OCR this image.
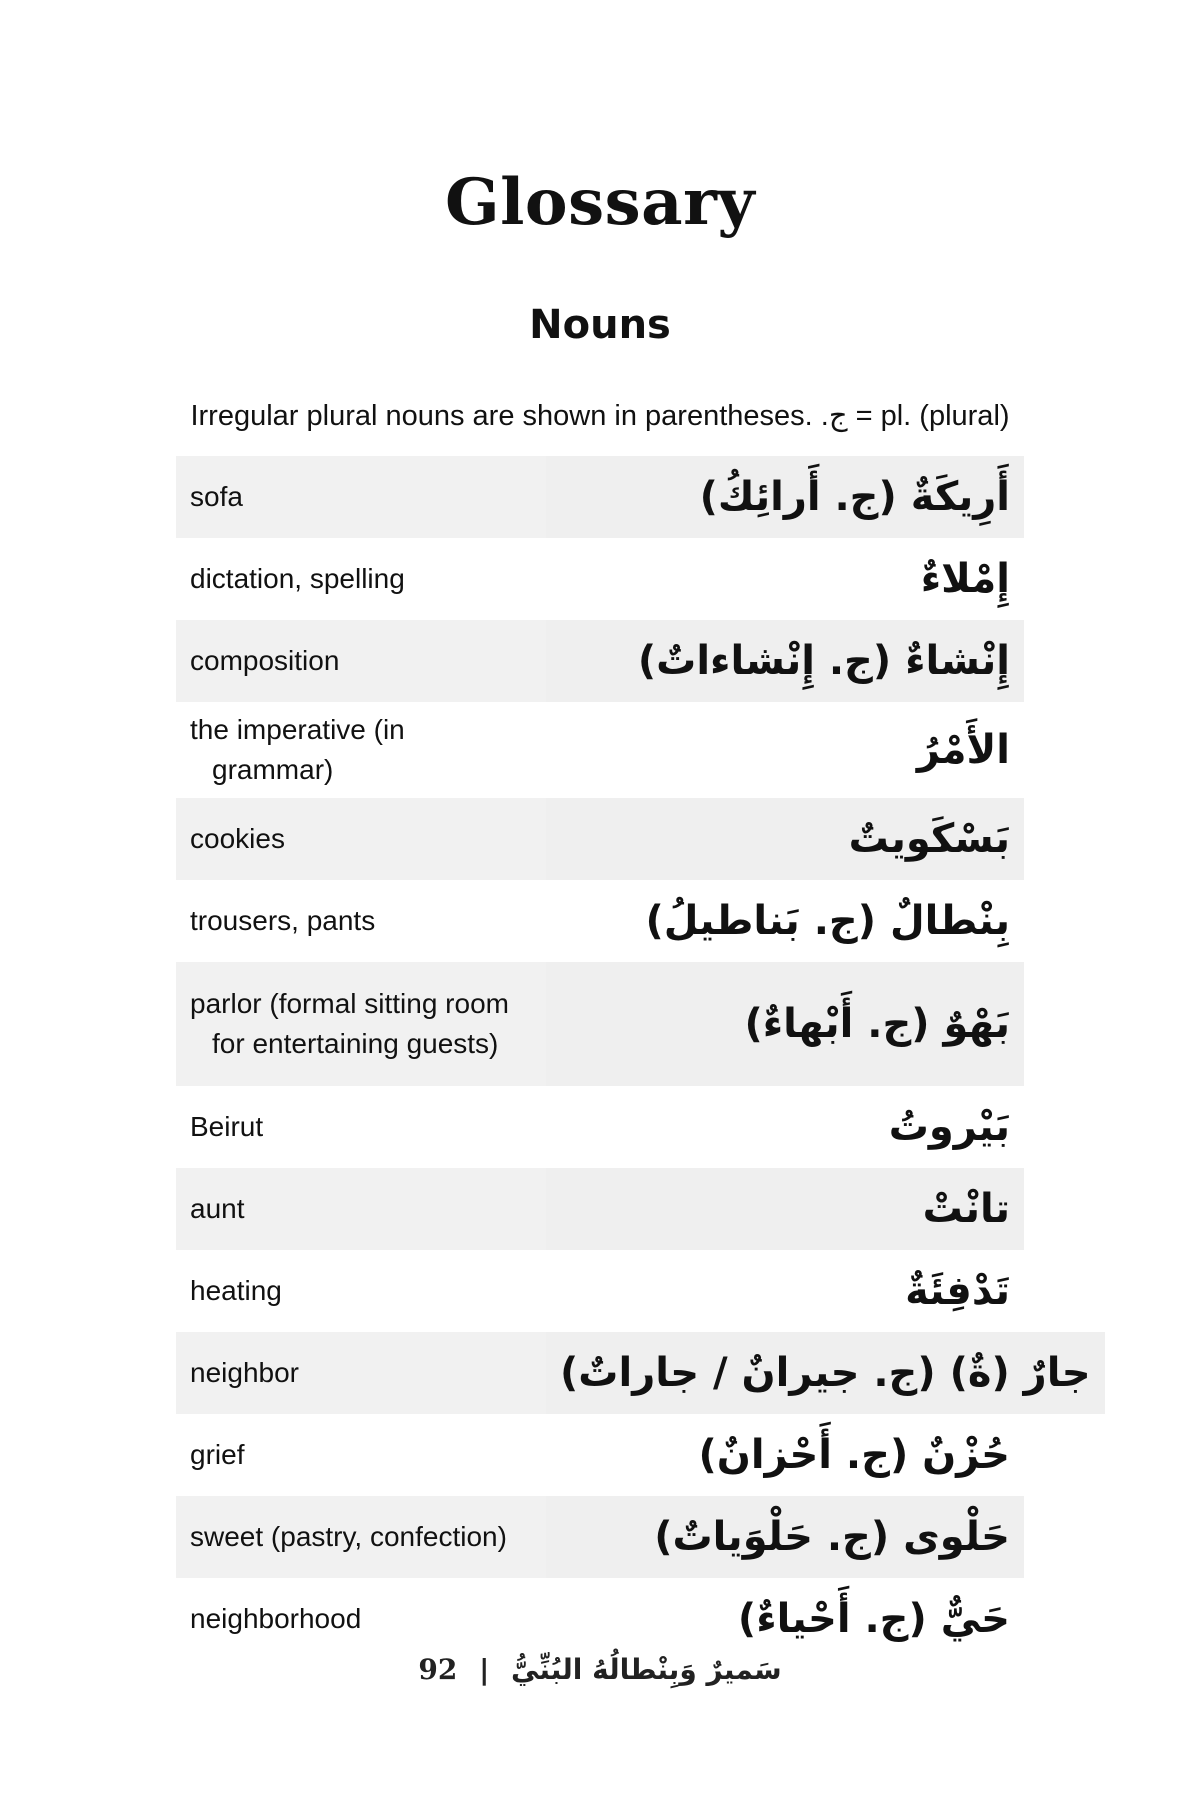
Glossary
Nouns
Irregular plural nouns are shown in parentheses. .ج = pl. (plural)
sofa	أَرِيكَةٌ (ج. أَرائِكُ)
dictation, spelling	إِمْلاءٌ
composition	إِنْشاءٌ (ج. إِنْشاءاتٌ)
the imperative (in grammar)	الأَمْرُ
cookies	بَسْكَويتٌ
trousers, pants	بِنْطالٌ (ج. بَناطيلُ)
parlor (formal sitting room for entertaining guests)	بَهْوٌ (ج. أَبْهاءٌ)
Beirut	بَيْروتُ
aunt	تانْتْ
heating	تَدْفِئَةٌ
neighbor	جارٌ (ةٌ) (ج. جيرانٌ / جاراتٌ)
grief	حُزْنٌ (ج. أَحْزانٌ)
sweet (pastry, confection)	حَلْوى (ج. حَلْوَياتٌ)
neighborhood	حَيٌّ (ج. أَحْياءٌ)
سَميرٌ وَبِنْطالُهُ البُنِّيُّ | 92
